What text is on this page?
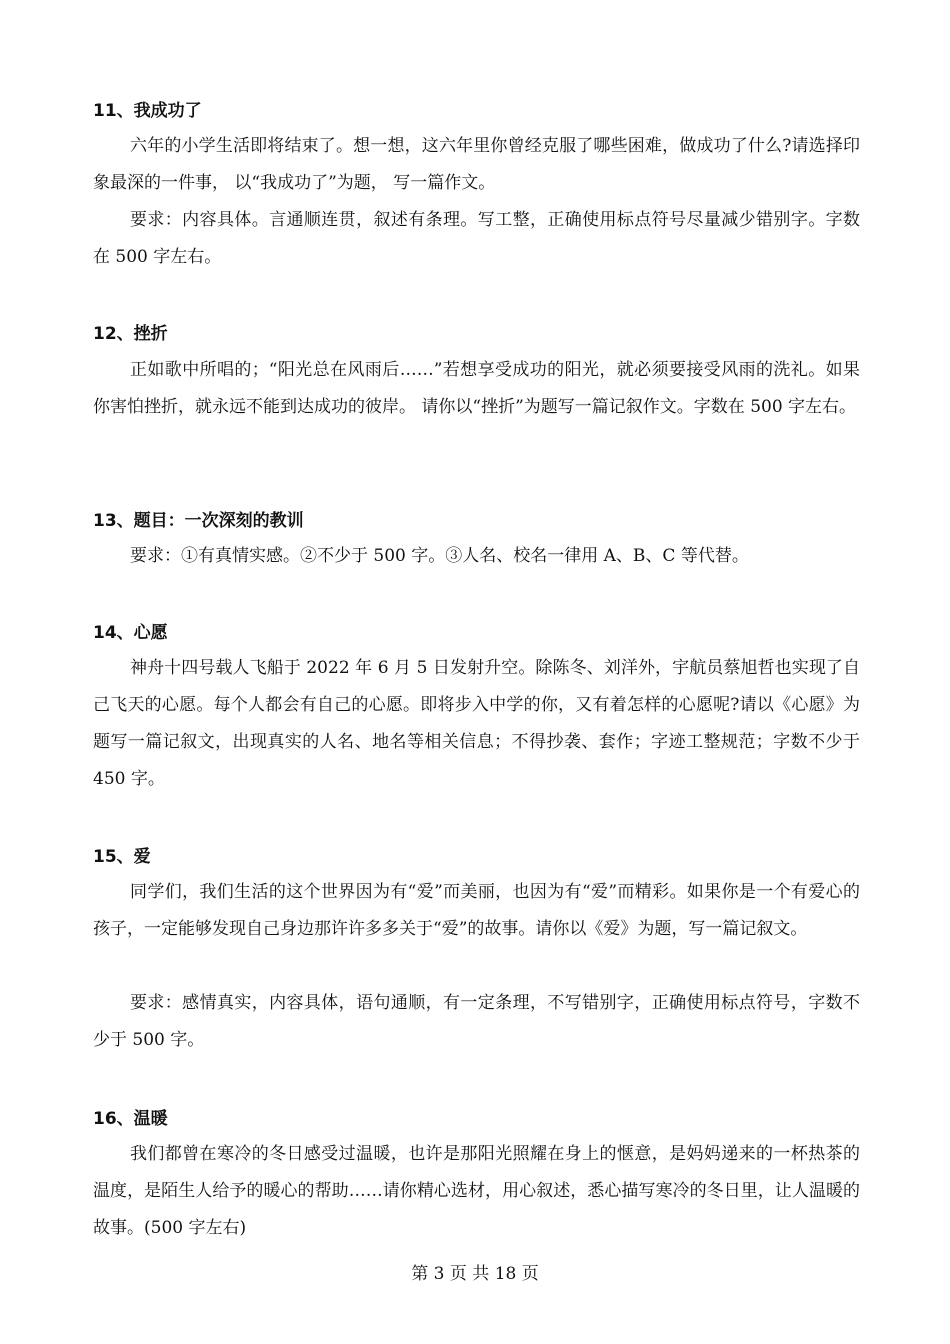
11、我成功了

六年的小学生活即将结束了。想一想，这六年里你曾经克服了哪些困难，做成功了什么?请选择印象最深的一件事， 以“我成功了”为题， 写一篇作文。

要求：内容具体。言通顺连贯，叙述有条理。写工整，正确使用标点符号尽量减少错别字。字数在 500 字左右。

12、挫折

正如歌中所唱的；“阳光总在风雨后……”若想享受成功的阳光，就必须要接受风雨的洗礼。如果你害怕挫折，就永远不能到达成功的彼岸。 请你以“挫折”为题写一篇记叙作文。字数在 500 字左右。

13、题目：一次深刻的教训

要求：①有真情实感。②不少于 500 字。③人名、校名一律用 A、B、C 等代替。

14、心愿

神舟十四号载人飞船于 2022 年 6 月 5 日发射升空。除陈冬、刘洋外，宇航员蔡旭哲也实现了自己飞天的心愿。每个人都会有自己的心愿。即将步入中学的你，又有着怎样的心愿呢?请以《心愿》为题写一篇记叙文，出现真实的人名、地名等相关信息；不得抄袭、套作；字迹工整规范；字数不少于 450 字。

15、爱

同学们，我们生活的这个世界因为有“爱”而美丽，也因为有“爱”而精彩。如果你是一个有爱心的孩子，一定能够发现自己身边那许许多多关于“爱”的故事。请你以《爱》为题，写一篇记叙文。

要求：感情真实，内容具体，语句通顺，有一定条理，不写错别字，正确使用标点符号，字数不少于 500 字。

16、温暖

我们都曾在寒冷的冬日感受过温暖，也许是那阳光照耀在身上的惬意，是妈妈递来的一杯热茶的温度，是陌生人给予的暖心的帮助……请你精心选材，用心叙述，悉心描写寒冷的冬日里，让人温暖的故事。(500 字左右)

第 3 页 共 18 页
